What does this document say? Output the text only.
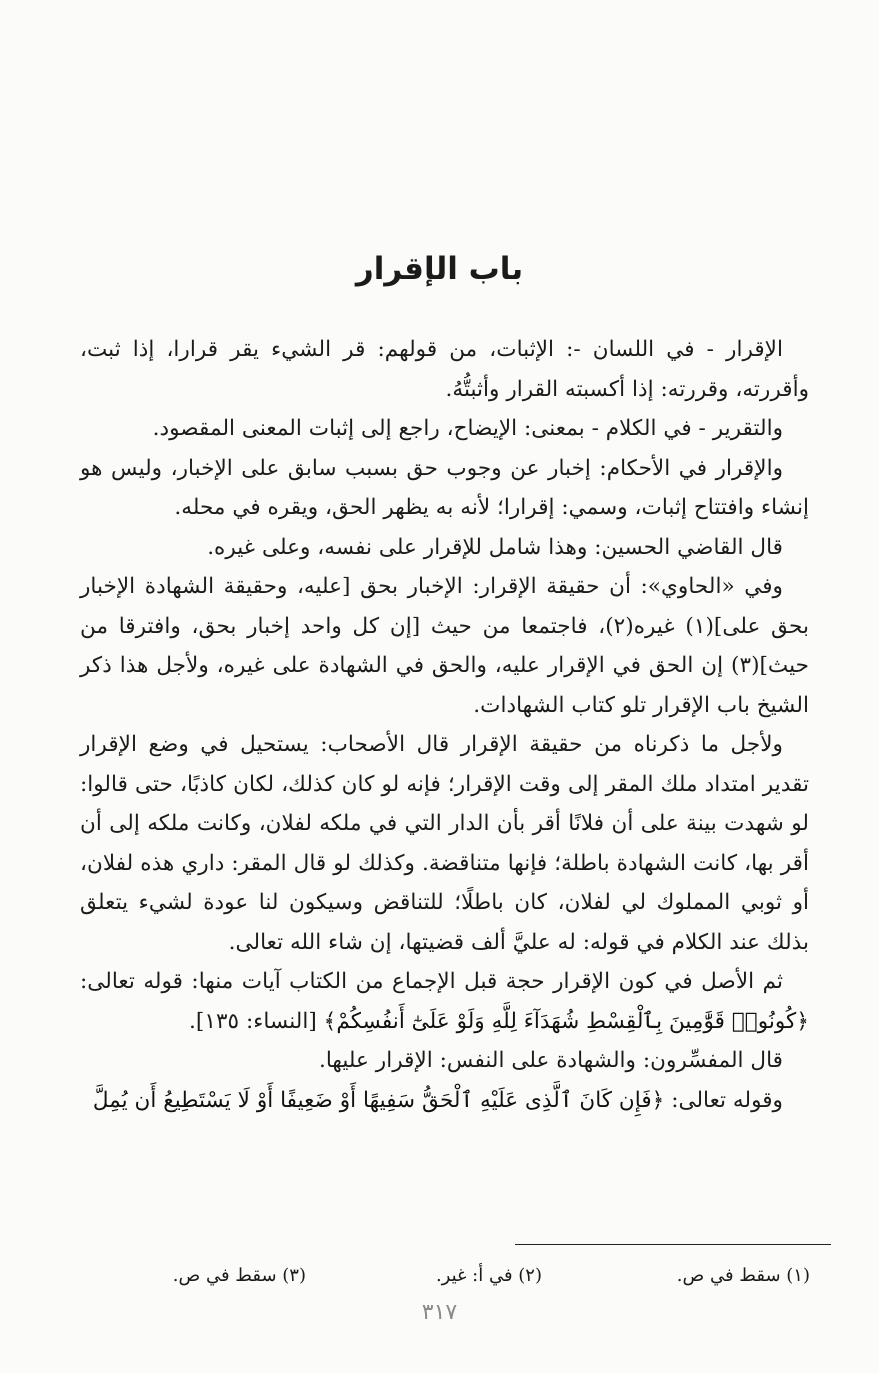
باب الإقرار

الإقرار - في اللسان -: الإثبات، من قولهم: قر الشيء يقر قرارا، إذا ثبت، وأقررته، وقررته: إذا أكسبته القرار وأثبتُّهُ.

والتقرير - في الكلام - بمعنى: الإيضاح، راجع إلى إثبات المعنى المقصود.

والإقرار في الأحكام: إخبار عن وجوب حق بسبب سابق على الإخبار، وليس هو إنشاء وافتتاح إثبات، وسمي: إقرارا؛ لأنه به يظهر الحق، ويقره في محله.

قال القاضي الحسين: وهذا شامل للإقرار على نفسه، وعلى غيره.

وفي «الحاوي»: أن حقيقة الإقرار: الإخبار بحق [عليه، وحقيقة الشهادة الإخبار بحق على](١) غيره(٢)، فاجتمعا من حيث [إن كل واحد إخبار بحق، وافترقا من حيث](٣) إن الحق في الإقرار عليه، والحق في الشهادة على غيره، ولأجل هذا ذكر الشيخ باب الإقرار تلو كتاب الشهادات.

ولأجل ما ذكرناه من حقيقة الإقرار قال الأصحاب: يستحيل في وضع الإقرار تقدير امتداد ملك المقر إلى وقت الإقرار؛ فإنه لو كان كذلك، لكان كاذبًا، حتى قالوا: لو شهدت بينة على أن فلانًا أقر بأن الدار التي في ملكه لفلان، وكانت ملكه إلى أن أقر بها، كانت الشهادة باطلة؛ فإنها متناقضة. وكذلك لو قال المقر: داري هذه لفلان، أو ثوبي المملوك لي لفلان، كان باطلًا؛ للتناقض وسيكون لنا عودة لشيء يتعلق بذلك عند الكلام في قوله: له عليَّ ألف قضيتها، إن شاء الله تعالى.

ثم الأصل في كون الإقرار حجة قبل الإجماع من الكتاب آيات منها: قوله تعالى: ﴿كُونُوا۟ قَوَّٰمِينَ بِٱلْقِسْطِ شُهَدَآءَ لِلَّهِ وَلَوْ عَلَىٰٓ أَنفُسِكُمْ﴾ [النساء: ١٣٥].

قال المفسِّرون: والشهادة على النفس: الإقرار عليها.

وقوله تعالى: ﴿فَإِن كَانَ ٱلَّذِى عَلَيْهِ ٱلْحَقُّ سَفِيهًا أَوْ ضَعِيفًا أَوْ لَا يَسْتَطِيعُ أَن يُمِلَّ

(١) سقط في ص.
(٢) في أ: غير.
(٣) سقط في ص.
٣١٧
